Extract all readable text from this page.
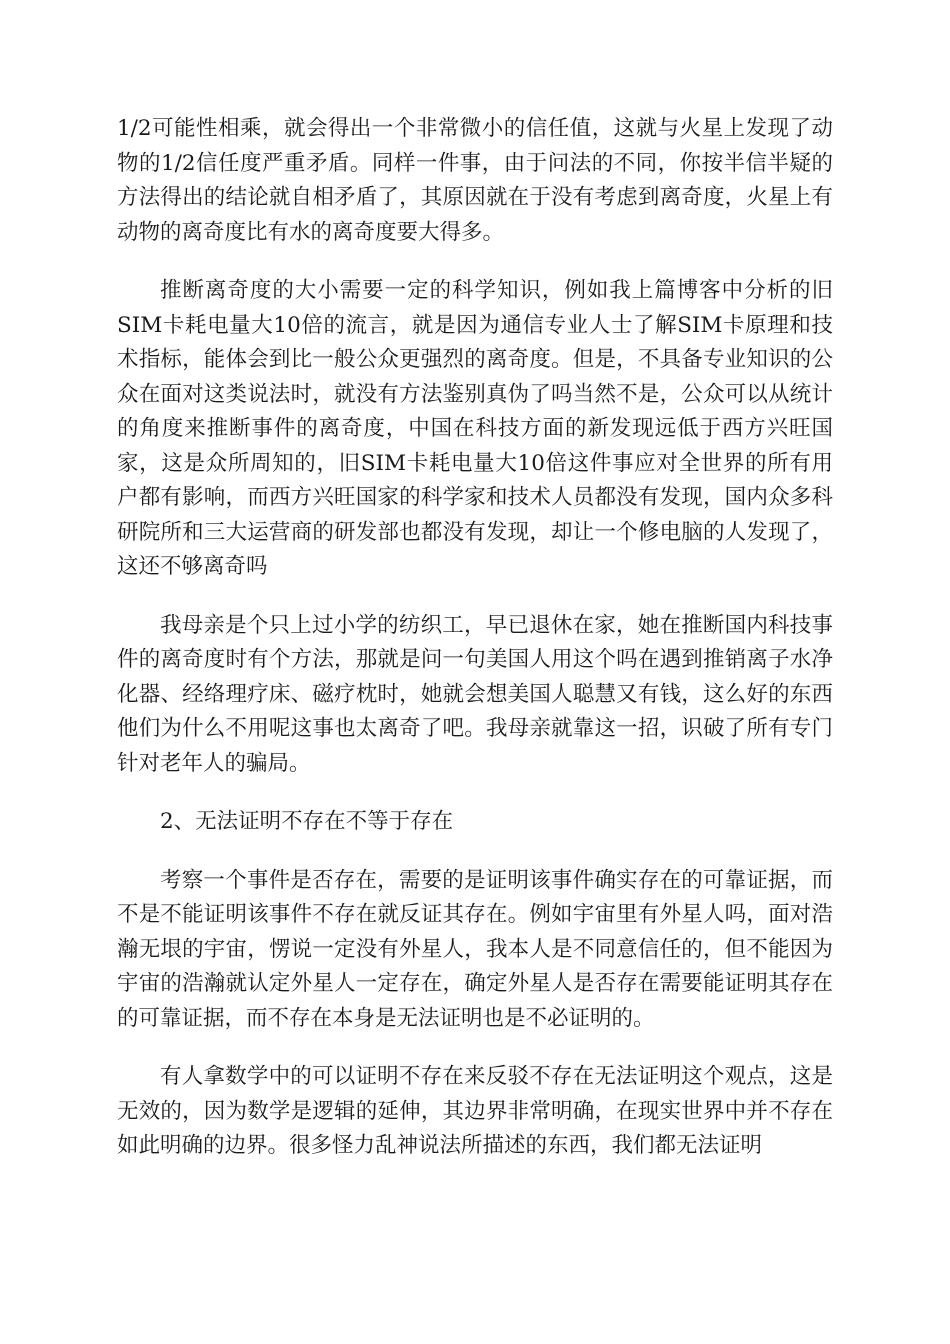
1/2可能性相乘，就会得出一个非常微小的信任值，这就与火星上发现了动物的1/2信任度严重矛盾。同样一件事，由于问法的不同，你按半信半疑的方法得出的结论就自相矛盾了，其原因就在于没有考虑到离奇度，火星上有动物的离奇度比有水的离奇度要大得多。

推断离奇度的大小需要一定的科学知识，例如我上篇博客中分析的旧SIM卡耗电量大10倍的流言，就是因为通信专业人士了解SIM卡原理和技术指标，能体会到比一般公众更强烈的离奇度。但是，不具备专业知识的公众在面对这类说法时，就没有方法鉴别真伪了吗当然不是，公众可以从统计的角度来推断事件的离奇度，中国在科技方面的新发现远低于西方兴旺国家，这是众所周知的，旧SIM卡耗电量大10倍这件事应对全世界的所有用户都有影响，而西方兴旺国家的科学家和技术人员都没有发现，国内众多科研院所和三大运营商的研发部也都没有发现，却让一个修电脑的人发现了，这还不够离奇吗

我母亲是个只上过小学的纺织工，早已退休在家，她在推断国内科技事件的离奇度时有个方法，那就是问一句美国人用这个吗在遇到推销离子水净化器、经络理疗床、磁疗枕时，她就会想美国人聪慧又有钱，这么好的东西他们为什么不用呢这事也太离奇了吧。我母亲就靠这一招，识破了所有专门针对老年人的骗局。

2、无法证明不存在不等于存在

考察一个事件是否存在，需要的是证明该事件确实存在的可靠证据，而不是不能证明该事件不存在就反证其存在。例如宇宙里有外星人吗，面对浩瀚无垠的宇宙，愣说一定没有外星人，我本人是不同意信任的，但不能因为宇宙的浩瀚就认定外星人一定存在，确定外星人是否存在需要能证明其存在的可靠证据，而不存在本身是无法证明也是不必证明的。

有人拿数学中的可以证明不存在来反驳不存在无法证明这个观点，这是无效的，因为数学是逻辑的延伸，其边界非常明确，在现实世界中并不存在如此明确的边界。很多怪力乱神说法所描述的东西，我们都无法证明
